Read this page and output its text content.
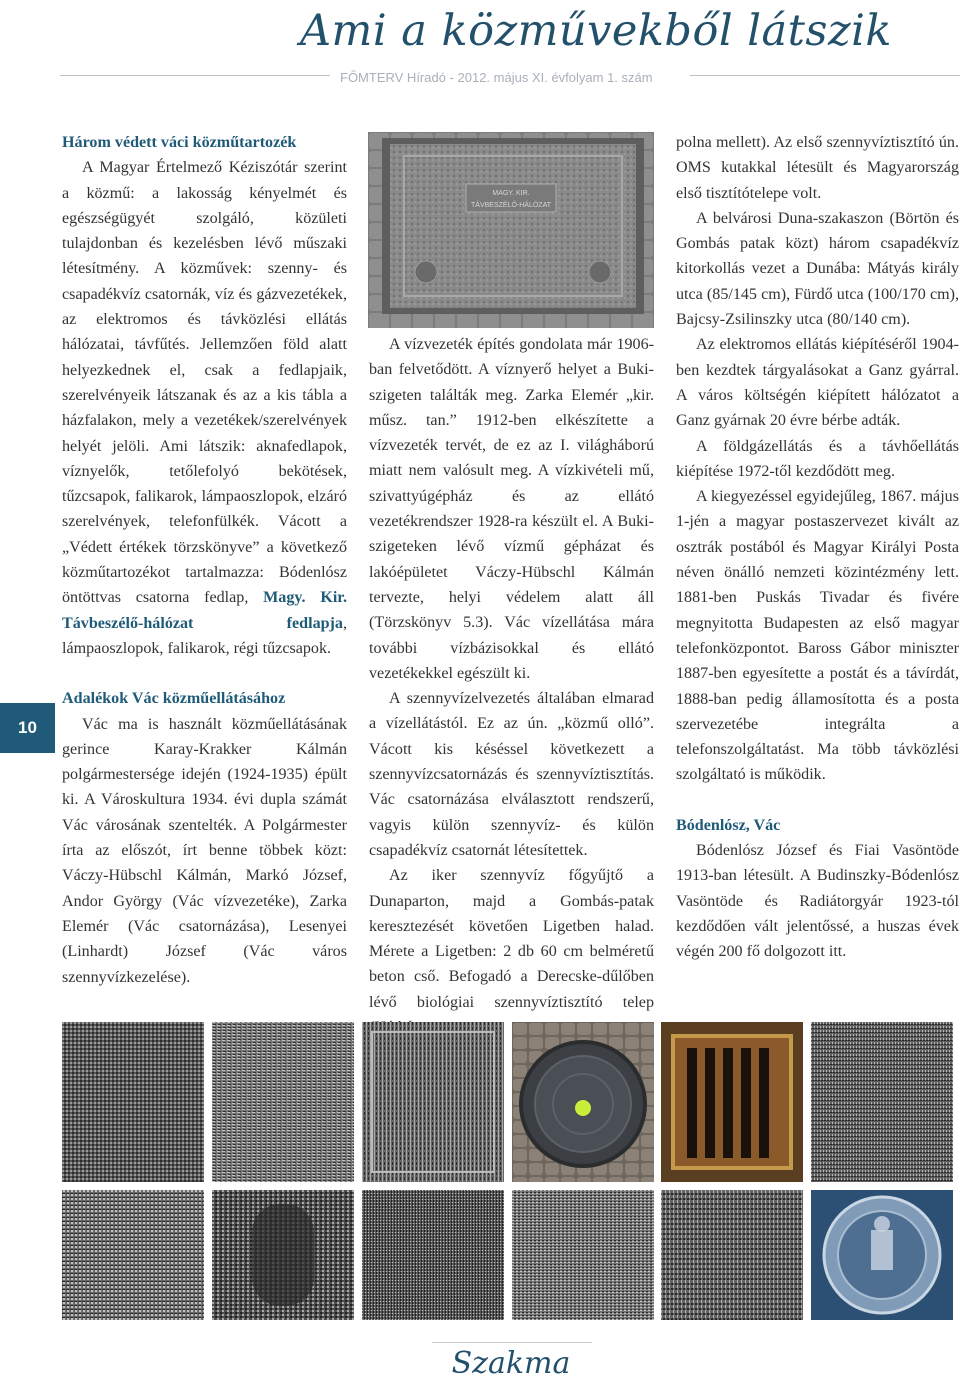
Ami a közművekből látszik
FŐMTERV Híradó - 2012. május XI. évfolyam 1. szám
10
Három védett váci közműtartozék

A Magyar Értelmező Kéziszótár szerint a közmű: a lakosság kényelmét és egészségügyét szolgáló, közületi tulajdonban és kezelésben lévő műszaki létesítmény. A közművek: szenny- és csapadékvíz csatornák, víz és gázvezetékek, az elektromos és távközlési ellátás hálózatai, távfűtés. Jellemzően föld alatt helyezkednek el, csak a fedlapjaik, szerelvényeik látszanak és az a kis tábla a házfalakon, mely a vezetékek/szerelvények helyét jelöli. Ami látszik: aknafedlapok, víznyelők, tetőlefolyó bekötések, tűzcsapok, falikarok, lámpaoszlopok, elzáró szerelvények, telefonfülkék. Vácott a „Védett értékek törzskönyve” a következő közműtartozékot tartalmazza: Bódenlósz öntöttvas csatorna fedlap, Magy. Kir. Távbeszélő-hálózat fedlapja, lámpaoszlopok, falikarok, régi tűzcsapok.

Adalékok Vác közműellátásához

Vác ma is használt közműellátásának gerince Karay-Krakker Kálmán polgármestersége idején (1924-1935) épült ki. A Városkultura 1934. évi dupla számát Vác városának szentelték. A Polgármester írta az előszót, írt benne többek közt: Váczy-Hübschl Kálmán, Markó József, Andor György (Vác vízvezetéke), Zarka Elemér (Vác csatornázása), Lesenyei (Linhardt) József (Vác város szennyvízkezelése).

MAGY. KIR.
TÁVBESZÉLŐ-HÁLÓZAT

A vízvezeték építés gondolata már 1906-ban felvetődött. A víznyerő helyet a Buki-szigeten találták meg. Zarka Elemér „kir. műsz. tan.” 1912-ben elkészítette a vízvezeték tervét, de ez az I. világháború miatt nem valósult meg. A vízkivételi mű, szivattyúgépház és az ellátó vezetékrendszer 1928-ra készült el. A Buki-szigeteken lévő vízmű gépházat és lakóépületet Váczy-Hübschl Kálmán tervezte, helyi védelem alatt áll (Törzskönyv 5.3). Vác vízellátása mára további vízbázisokkal és ellátó vezetékekkel egészült ki.

A szennyvízelvezetés általában elmarad a vízellátástól. Ez az ún. „közmű olló”. Vácott kis késéssel következett a szennyvízcsatornázás és szennyvíztisztítás. Vác csatornázása elválasztott rendszerű, vagyis külön szennyvíz- és külön csapadékvíz csatornát létesítettek.

Az iker szennyvíz főgyűjtő a Dunaparton, majd a Gombás-patak keresztezését követően Ligetben halad. Mérete a Ligetben: 2 db 60 cm belméretű beton cső. Befogadó a Derecske-dűlőben lévő biológiai szennyvíztisztító telep

polna mellett). Az első szennyvíztisztító ún. OMS kutakkal létesült és Magyarország első tisztítótelepe volt.

A belvárosi Duna-szakaszon (Börtön és Gombás patak közt) három csapadékvíz kitorkollás vezet a Dunába: Mátyás király utca (85/145 cm), Fürdő utca (100/170 cm), Bajcsy-Zsilinszky utca (80/140 cm).

Az elektromos ellátás kiépítéséről 1904-ben kezdtek tárgyalásokat a Ganz gyárral. A város költségén kiépített hálózatot a Ganz gyárnak 20 évre bérbe adták.

A földgázellátás és a távhőellátás kiépítése 1972-től kezdődött meg.

A kiegyezéssel egyidejűleg, 1867. május 1-jén a magyar postaszervezet kivált az osztrák postából és Magyar Királyi Posta néven önálló nemzeti közintézmény lett. 1881-ben Puskás Tivadar és fivére megnyitotta Budapesten az első magyar telefonközpontot. Baross Gábor miniszter 1887-ben egyesítette a postát és a távírdát, 1888-ban pedig államosította és a posta szervezetébe integrálta a telefonszolgáltatást. Ma több távközlési szolgáltató is működik.

Bódenlósz, Vác

Bódenlósz József és Fiai Vasöntöde 1913-ban létesült. A Budinszky-Bódenlósz Vasöntöde és Radiátorgyár 1923-tól kezdődően vált jelentőssé, a huszas évek végén 200 fő dolgozott itt.

Szakma
